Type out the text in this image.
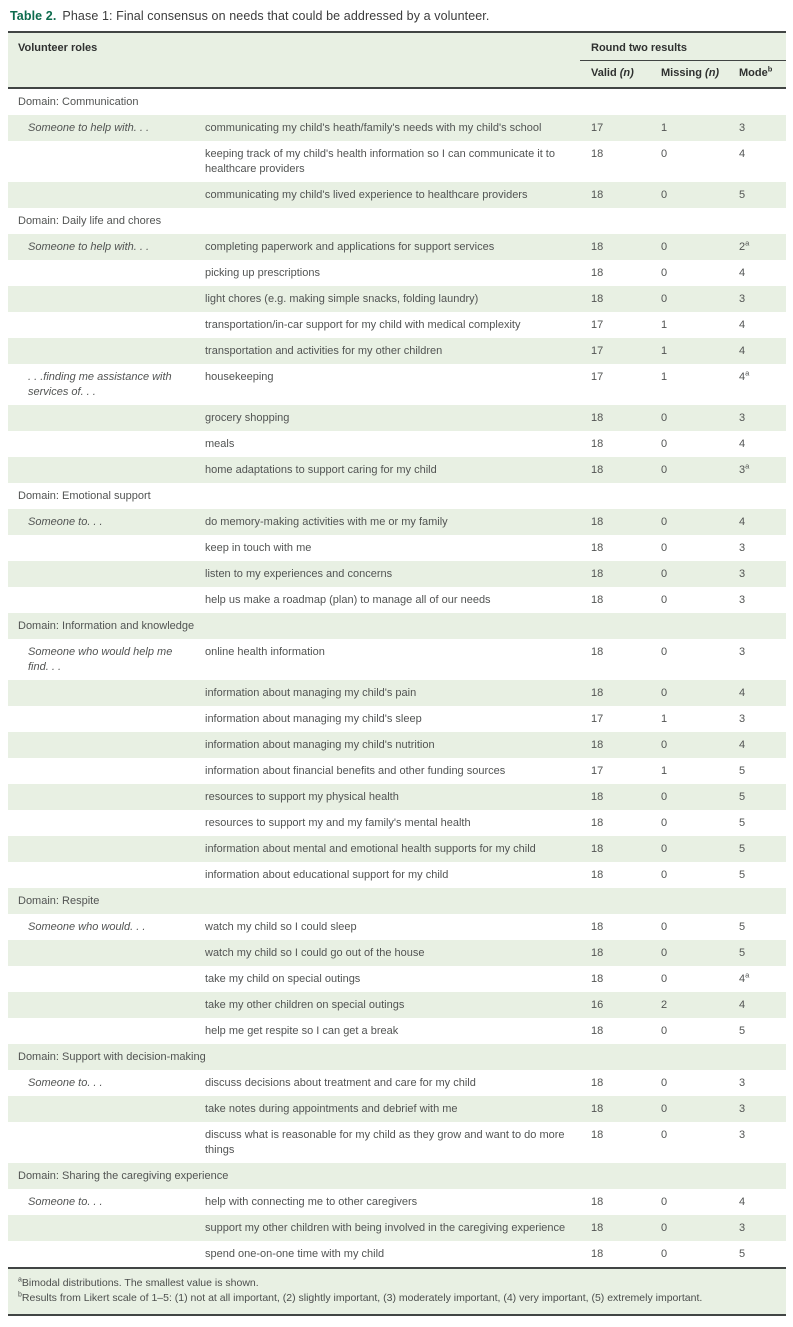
Table 2. Phase 1: Final consensus on needs that could be addressed by a volunteer.

Volunteer roles		Round two results		
		Valid (n)	Missing (n)	Mode$^b$
Domain: Communication				
Someone to help with. . .	communicating my child's heath/family's needs with my child's school	17	1	3
	keeping track of my child's health information so I can communicate it to healthcare providers	18	0	4
	communicating my child's lived experience to healthcare providers	18	0	5
Domain: Daily life and chores				
Someone to help with. . .	completing paperwork and applications for support services	18	0	2$^a$
	picking up prescriptions	18	0	4
	light chores (e.g. making simple snacks, folding laundry)	18	0	3
	transportation/in-car support for my child with medical complexity	17	1	4
	transportation and activities for my other children	17	1	4
. . .finding me assistance with services of. . .	housekeeping	17	1	4$^a$
	grocery shopping	18	0	3
	meals	18	0	4
	home adaptations to support caring for my child	18	0	3$^a$
Domain: Emotional support				
Someone to. . .	do memory-making activities with me or my family	18	0	4
	keep in touch with me	18	0	3
	listen to my experiences and concerns	18	0	3
	help us make a roadmap (plan) to manage all of our needs	18	0	3
Domain: Information and knowledge				
Someone who would help me find. . .	online health information	18	0	3
	information about managing my child's pain	18	0	4
	information about managing my child's sleep	17	1	3
	information about managing my child's nutrition	18	0	4
	information about financial benefits and other funding sources	17	1	5
	resources to support my physical health	18	0	5
	resources to support my and my family's mental health	18	0	5
	information about mental and emotional health supports for my child	18	0	5
	information about educational support for my child	18	0	5
Domain: Respite				
Someone who would. . .	watch my child so I could sleep	18	0	5
	watch my child so I could go out of the house	18	0	5
	take my child on special outings	18	0	4$^a$
	take my other children on special outings	16	2	4
	help me get respite so I can get a break	18	0	5
Domain: Support with decision-making				
Someone to. . .	discuss decisions about treatment and care for my child	18	0	3
	take notes during appointments and debrief with me	18	0	3
	discuss what is reasonable for my child as they grow and want to do more things	18	0	3
Domain: Sharing the caregiving experience				
Someone to. . .	help with connecting me to other caregivers	18	0	4
	support my other children with being involved in the caregiving experience	18	0	3
	spend one-on-one time with my child	18	0	5
$^a$Bimodal distributions. The smallest value is shown.
$^b$Results from Likert scale of 1–5: (1) not at all important, (2) slightly important, (3) moderately important, (4) very important, (5) extremely important.
